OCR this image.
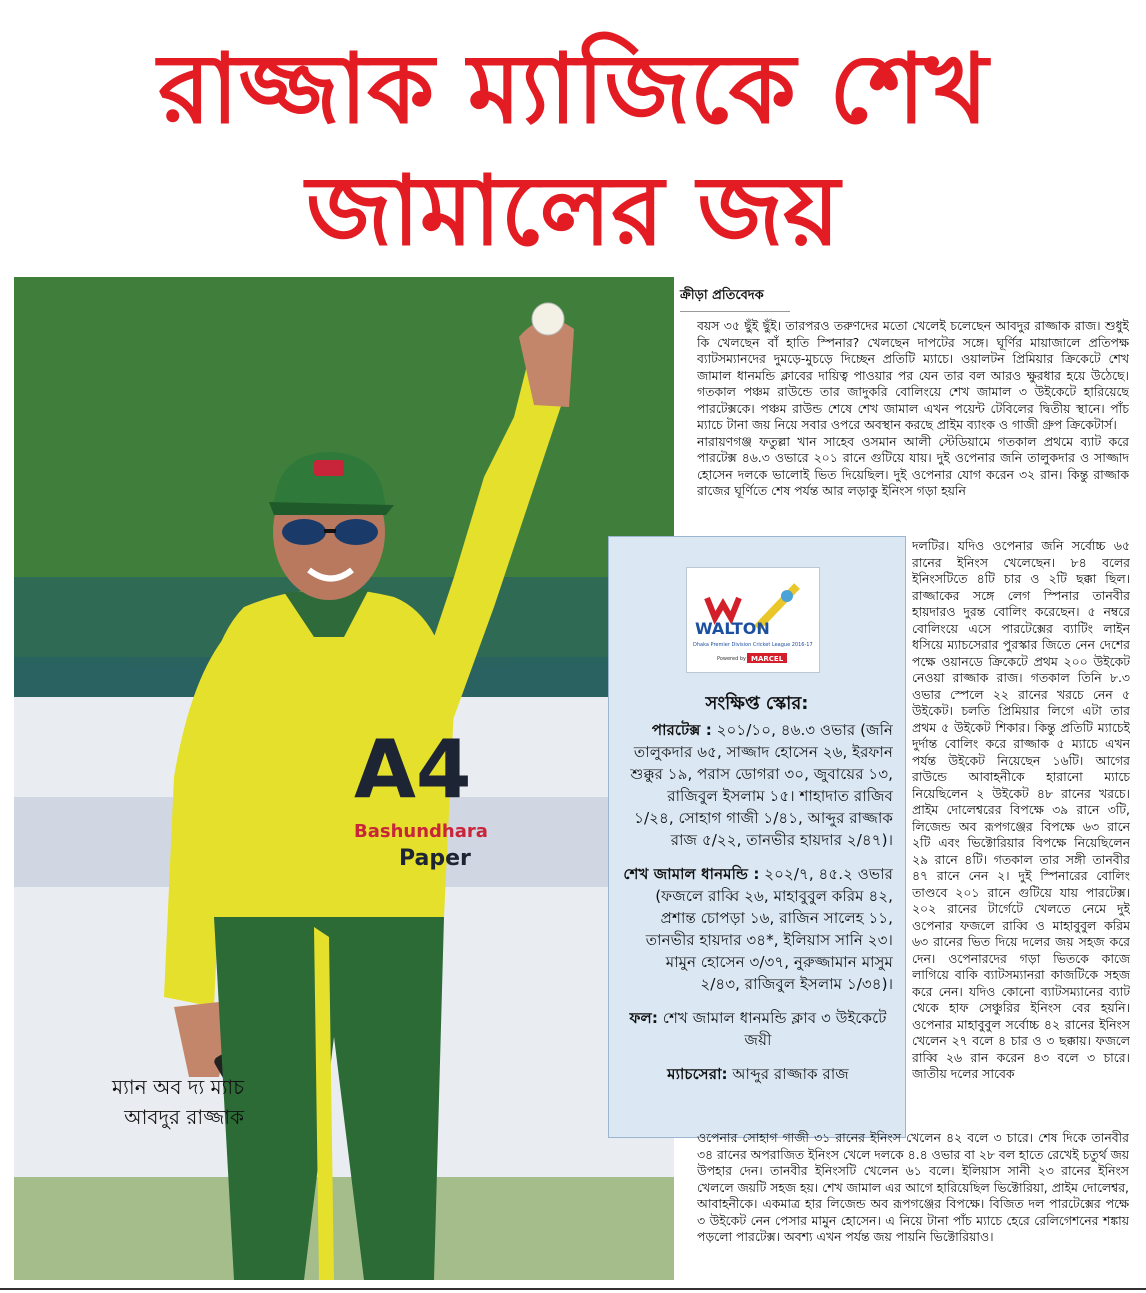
রাজ্জাক ম্যাজিকে শেখ
জামালের জয়
A4
Bashundhara
Paper
ম্যান অব দ্য ম্যাচ
আবদুর রাজ্জাক
ক্রীড়া প্রতিবেদক

বয়স ৩৫ ছুঁই ছুঁই। তারপরও তরুণদের মতো খেলেই চলেছেন আবদুর রাজ্জাক রাজ। শুধুই কি খেলছেন বাঁ হাতি স্পিনার? খেলছেন দাপটের সঙ্গে। ঘূর্ণির মায়াজালে প্রতিপক্ষ ব্যাটসম্যানদের দুমড়ে-মুচড়ে দিচ্ছেন প্রতিটি ম্যাচে। ওয়ালটন প্রিমিয়ার ক্রিকেটে শেখ জামাল ধানমন্ডি ক্লাবের দায়িত্ব পাওয়ার পর যেন তার বল আরও ক্ষুরধার হয়ে উঠেছে। গতকাল পঞ্চম রাউন্ডে তার জাদুকরি বোলিংয়ে শেখ জামাল ৩ উইকেটে হারিয়েছে পারটেক্সকে। পঞ্চম রাউন্ড শেষে শেখ জামাল এখন পয়েন্ট টেবিলের দ্বিতীয় স্থানে। পাঁচ ম্যাচে টানা জয় নিয়ে সবার ওপরে অবস্থান করছে প্রাইম ব্যাংক ও গাজী গ্রুপ ক্রিকেটার্স।

নারায়ণগঞ্জ ফতুল্লা খান সাহেব ওসমান আলী স্টেডিয়ামে গতকাল প্রথমে ব্যাট করে পারটেক্স ৪৬.৩ ওভারে ২০১ রানে গুটিয়ে যায়। দুই ওপেনার জনি তালুকদার ও সাজ্জাদ হোসেন দলকে ভালোই ভিত দিয়েছিল। দুই ওপেনার যোগ করেন ৩২ রান। কিন্তু রাজ্জাক রাজের ঘূর্ণিতে শেষ পর্যন্ত আর লড়াকু ইনিংস গড়া হয়নি

দলটির। যদিও ওপেনার জনি সর্বোচ্চ ৬৫ রানের ইনিংস খেলেছেন। ৮৪ বলের ইনিংসটিতে ৪টি চার ও ২টি ছক্কা ছিল। রাজ্জাকের সঙ্গে লেগ স্পিনার তানবীর হায়দারও দুরন্ত বোলিং করেছেন। ৫ নম্বরে বোলিংয়ে এসে পারটেক্সের ব্যাটিং লাইন ধসিয়ে ম্যাচসেরার পুরস্কার জিতে নেন দেশের পক্ষে ওয়ানডে ক্রিকেটে প্রথম ২০০ উইকেট নেওয়া রাজ্জাক রাজ। গতকাল তিনি ৮.৩ ওভার স্পেলে ২২ রানের খরচে নেন ৫ উইকেট। চলতি প্রিমিয়ার লিগে এটা তার প্রথম ৫ উইকেট শিকার। কিন্তু প্রতিটি ম্যাচেই দুর্দান্ত বোলিং করে রাজ্জাক ৫ ম্যাচে এখন পর্যন্ত উইকেট নিয়েছেন ১৬টি। আগের রাউন্ডে আবাহনীকে হারানো ম্যাচে নিয়েছিলেন ২ উইকেট ৪৮ রানের খরচে। প্রাইম দোলেশ্বরের বিপক্ষে ৩৯ রানে ৩টি, লিজেন্ড অব রূপগঞ্জের বিপক্ষে ৬৩ রানে ২টি এবং ভিক্টোরিয়ার বিপক্ষে নিয়েছিলেন ২৯ রানে ৪টি। গতকাল তার সঙ্গী তানবীর ৪৭ রানে নেন ২। দুই স্পিনারের বোলিং তাণ্ডবে ২০১ রানে গুটিয়ে যায় পারটেক্স। ২০২ রানের টার্গেটে খেলতে নেমে দুই ওপেনার ফজলে রাব্বি ও মাহাবুবুল করিম ৬৩ রানের ভিত দিয়ে দলের জয় সহজ করে দেন। ওপেনারদের গড়া ভিতকে কাজে লাগিয়ে বাকি ব্যাটসম্যানরা কাজটিকে সহজ করে নেন। যদিও কোনো ব্যাটসম্যানের ব্যাট থেকে হাফ সেঞ্চুরির ইনিংস বের হয়নি। ওপেনার মাহাবুবুল সর্বোচ্চ ৪২ রানের ইনিংস খেলেন ২৭ বলে ৪ চার ও ৩ ছক্কায়। ফজলে রাব্বি ২৬ রান করেন ৪৩ বলে ৩ চারে। জাতীয় দলের সাবেক

WALTON
Dhaka Premier Division Cricket League 2016-17
Powered by MARCEL
সংক্ষিপ্ত স্কোর:

পারটেক্স : ২০১/১০, ৪৬.৩ ওভার (জনি তালুকদার ৬৫, সাজ্জাদ হোসেন ২৬, ইরফান শুক্কুর ১৯, পরাস ডোগরা ৩০, জুবায়ের ১৩, রাজিবুল ইসলাম ১৫। শাহাদাত রাজিব ১/২৪, সোহাগ গাজী ১/৪১, আব্দুর রাজ্জাক রাজ ৫/২২, তানভীর হায়দার ২/৪৭)।

শেখ জামাল ধানমন্ডি : ২০২/৭, ৪৫.২ ওভার (ফজলে রাব্বি ২৬, মাহাবুবুল করিম ৪২, প্রশান্ত চোপড়া ১৬, রাজিন সালেহ ১১, তানভীর হায়দার ৩৪*, ইলিয়াস সানি ২৩। মামুন হোসেন ৩/৩৭, নুরুজ্জামান মাসুম ২/৪৩, রাজিবুল ইসলাম ১/৩৪)।

ফল: শেখ জামাল ধানমন্ডি ক্লাব ৩ উইকেটে জয়ী

ম্যাচসেরা: আব্দুর রাজ্জাক রাজ

ওপেনার সোহাগ গাজী ৩১ রানের ইনিংস খেলেন ৪২ বলে ৩ চারে। শেষ দিকে তানবীর ৩৪ রানের অপরাজিত ইনিংস খেলে দলকে ৪.৪ ওভার বা ২৮ বল হাতে রেখেই চতুর্থ জয় উপহার দেন। তানবীর ইনিংসটি খেলেন ৬১ বলে। ইলিয়াস সানী ২৩ রানের ইনিংস খেললে জয়টি সহজ হয়। শেখ জামাল এর আগে হারিয়েছিল ভিক্টোরিয়া, প্রাইম দোলেশ্বর, আবাহনীকে। একমাত্র হার লিজেন্ড অব রূপগঞ্জের বিপক্ষে। বিজিত দল পারটেক্সের পক্ষে ৩ উইকেট নেন পেসার মামুন হোসেন। এ নিয়ে টানা পাঁচ ম্যাচে হেরে রেলিগেশনের শঙ্কায় পড়লো পারটেক্স। অবশ্য এখন পর্যন্ত জয় পায়নি ভিক্টোরিয়াও।
